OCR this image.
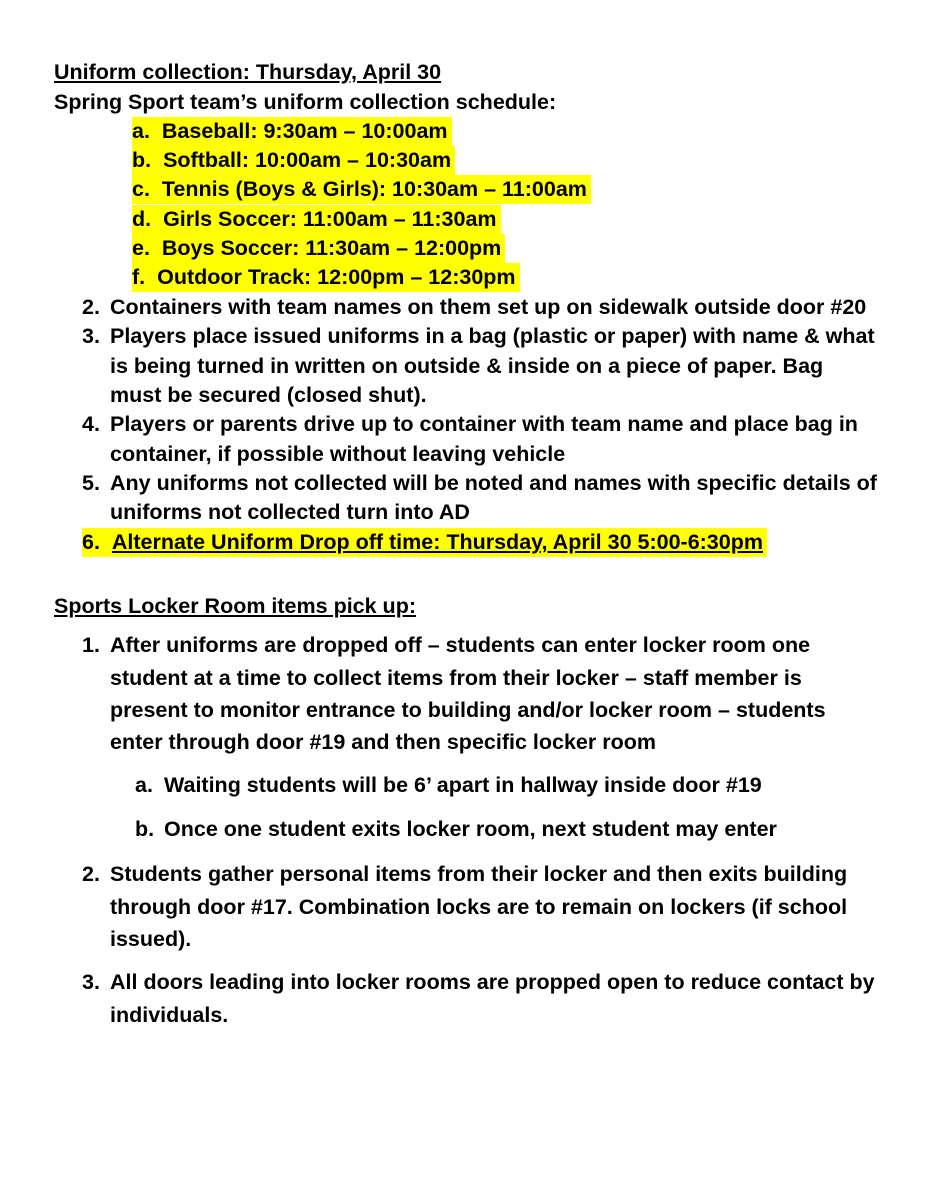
Uniform collection: Thursday, April 30
Spring Sport team’s uniform collection schedule:
a. Baseball: 9:30am – 10:00am
b. Softball: 10:00am – 10:30am
c. Tennis (Boys & Girls): 10:30am – 11:00am
d. Girls Soccer: 11:00am – 11:30am
e. Boys Soccer: 11:30am – 12:00pm
f. Outdoor Track: 12:00pm – 12:30pm
2. Containers with team names on them set up on sidewalk outside door #20
3. Players place issued uniforms in a bag (plastic or paper) with name & what
is being turned in written on outside & inside on a piece of paper. Bag
must be secured (closed shut).
4. Players or parents drive up to container with team name and place bag in
container, if possible without leaving vehicle
5. Any uniforms not collected will be noted and names with specific details of
uniforms not collected turn into AD
6. Alternate Uniform Drop off time: Thursday, April 30 5:00-6:30pm
Sports Locker Room items pick up:
1. After uniforms are dropped off – students can enter locker room one
student at a time to collect items from their locker – staff member is
present to monitor entrance to building and/or locker room – students
enter through door #19 and then specific locker room
a. Waiting students will be 6’ apart in hallway inside door #19
b. Once one student exits locker room, next student may enter
2. Students gather personal items from their locker and then exits building
through door #17. Combination locks are to remain on lockers (if school
issued).
3. All doors leading into locker rooms are propped open to reduce contact by
individuals.
